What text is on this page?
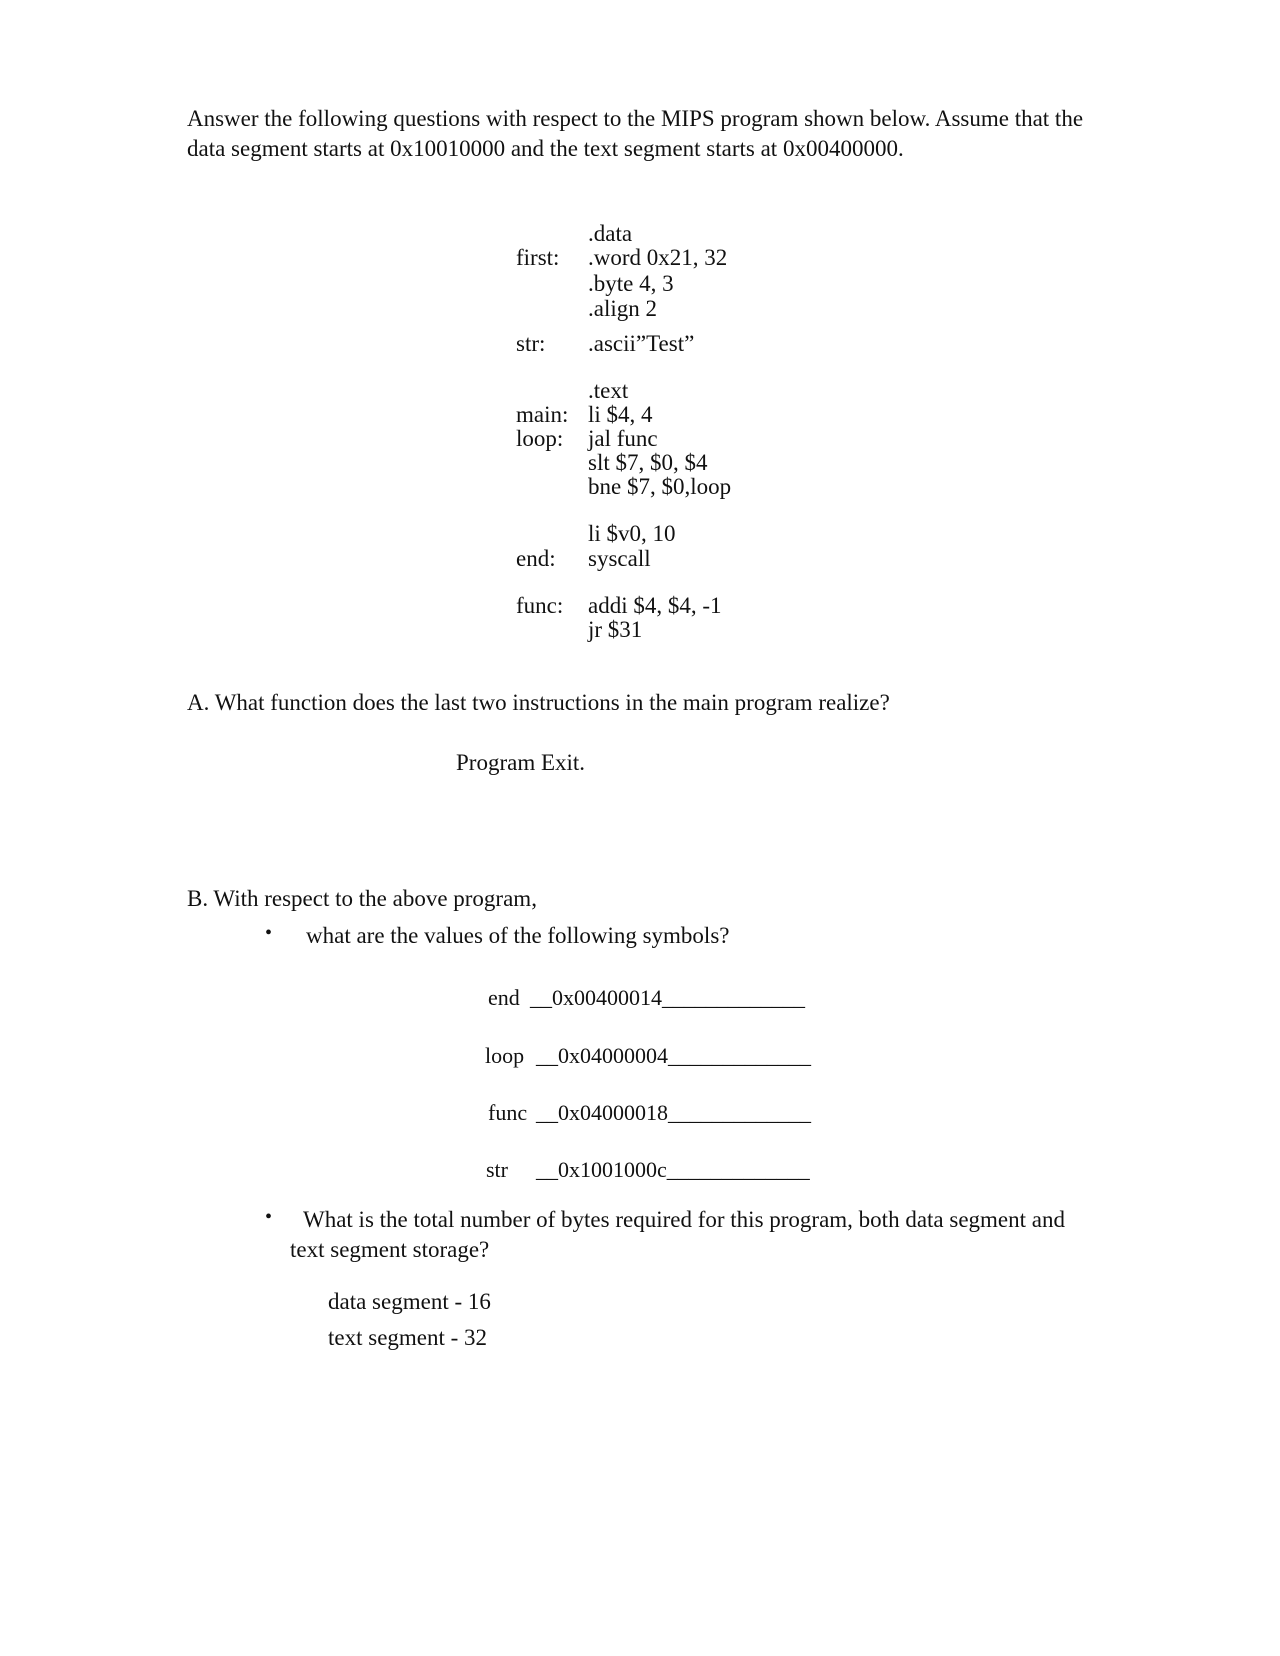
Answer the following questions with respect to the MIPS program shown below. Assume that the data segment starts at 0x10010000 and the text segment starts at 0x00400000.
.data
first: .word 0x21, 32
.byte 4, 3
.align 2
str: .ascii”Test”
.text
main: li $4, 4
loop: jal func
slt $7, $0, $4
bne $7, $0,loop
li $v0, 10
end: syscall
func: addi $4, $4, -1
jr $31
A. What function does the last two instructions in the main program realize?
Program Exit.
B. With respect to the above program,
• what are the values of the following symbols?
end __0x00400014_____________
loop __0x04000004_____________
func __0x04000018_____________
str __0x1001000c_____________
• What is the total number of bytes required for this program, both data segment and
text segment storage?
data segment - 16
text segment - 32
